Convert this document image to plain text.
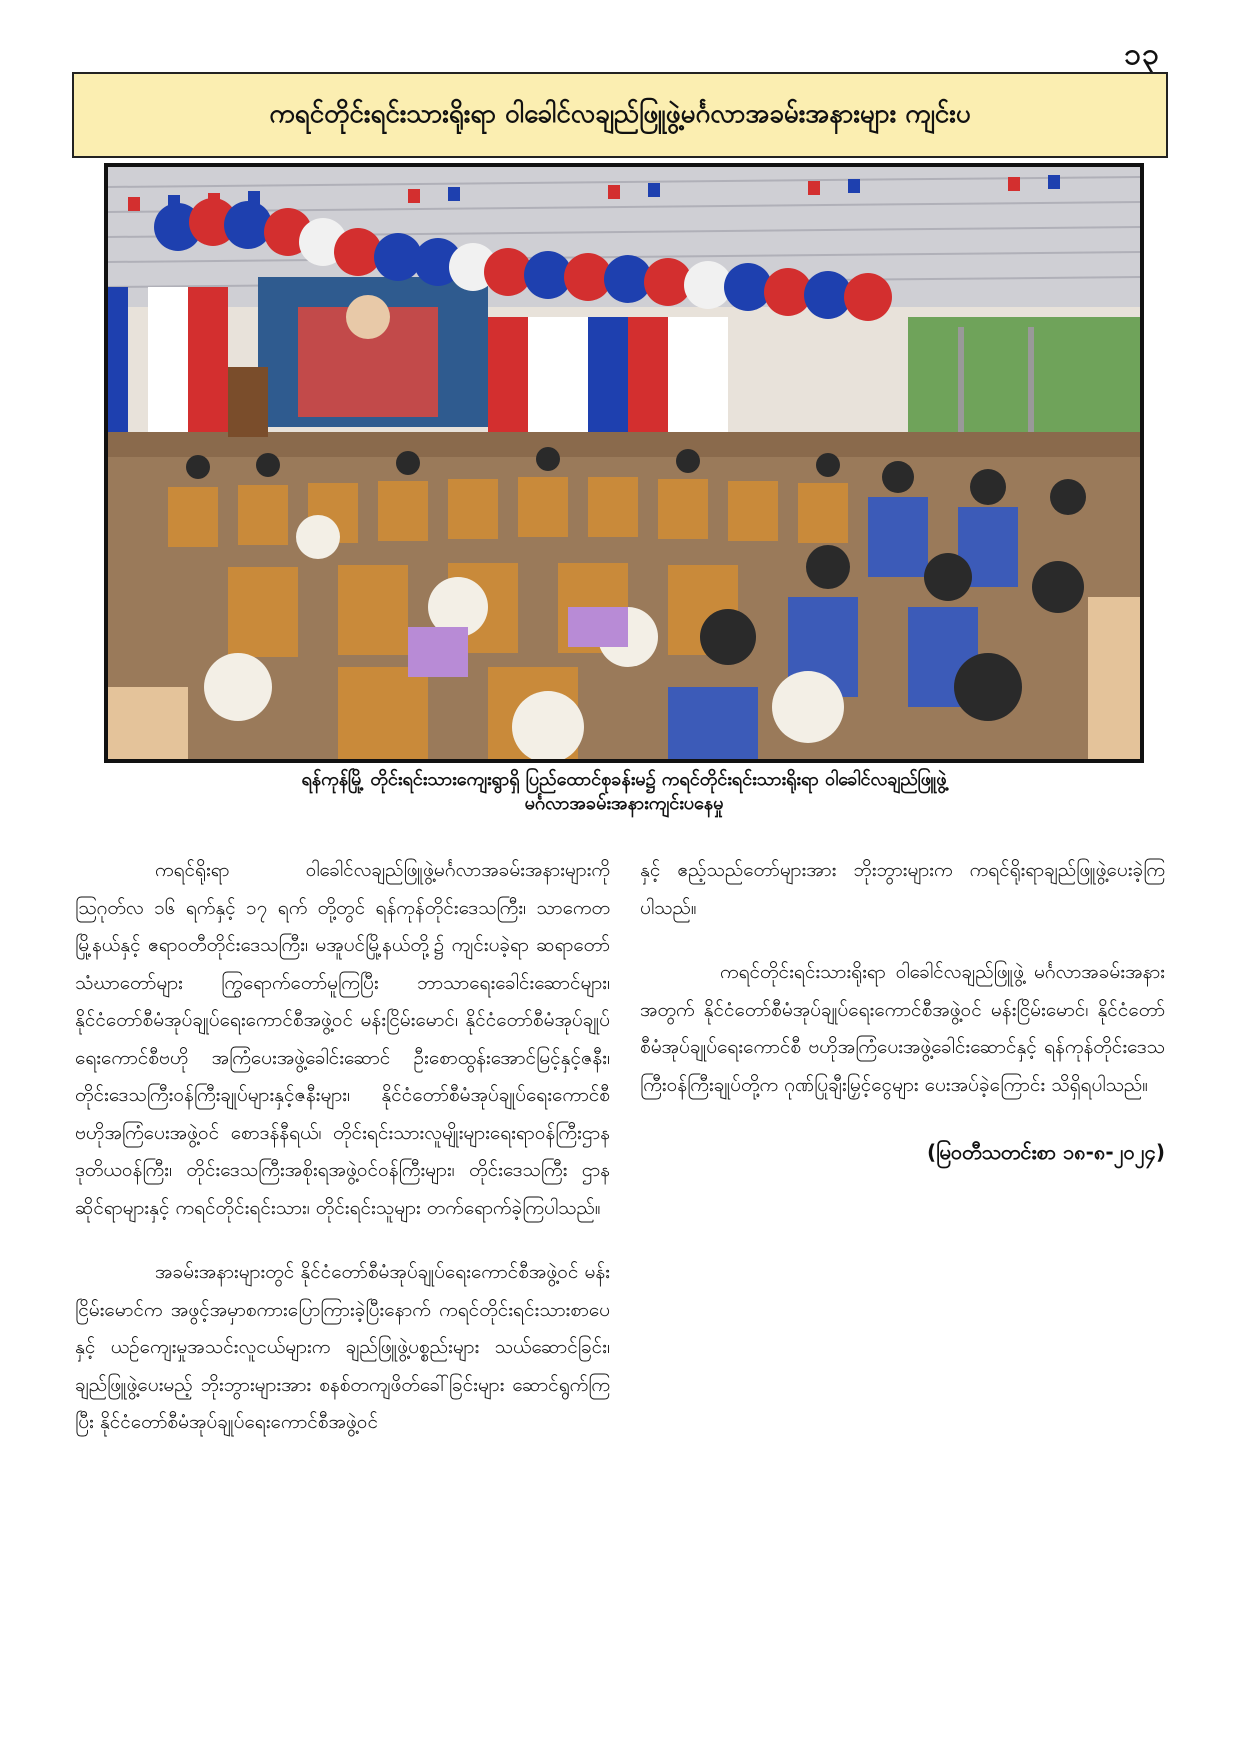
၁၃
ကရင်တိုင်းရင်းသားရိုးရာ ဝါခေါင်လချည်ဖြူဖွဲ့မင်္ဂလာအခမ်းအနားများ ကျင်းပ
ရန်ကုန်မြို့ တိုင်းရင်းသားကျေးရွာရှိ ပြည်ထောင်စုခန်းမ၌ ကရင်တိုင်းရင်းသားရိုးရာ ဝါခေါင်လချည်ဖြူဖွဲ့
မင်္ဂလာအခမ်းအနားကျင်းပနေမှု

ကရင်ရိုးရာ ဝါခေါင်လချည်ဖြူဖွဲ့မင်္ဂလာအခမ်းအနားများကို ဩဂုတ်လ ၁၆ ရက်နှင့် ၁၇ ရက် တို့တွင် ရန်ကုန်တိုင်းဒေသကြီး၊ သာကေတမြို့နယ်နှင့် ဧရာဝတီတိုင်းဒေသကြီး၊ မအူပင်မြို့နယ်တို့၌ ကျင်းပခဲ့ရာ ဆရာတော်သံဃာတော်များ ကြွရောက်တော်မူကြပြီး ဘာသာရေးခေါင်းဆောင်များ၊ နိုင်ငံတော်စီမံအုပ်ချုပ်ရေးကောင်စီအဖွဲ့ဝင် မန်းငြိမ်းမောင်၊ နိုင်ငံတော်စီမံအုပ်ချုပ်ရေးကောင်စီဗဟို အကြံပေးအဖွဲ့ခေါင်းဆောင် ဦးစောထွန်းအောင်မြင့်နှင့်ဇနီး၊ တိုင်းဒေသကြီးဝန်ကြီးချုပ်များနှင့်ဇနီးများ၊ နိုင်ငံတော်စီမံအုပ်ချုပ်ရေးကောင်စီဗဟိုအကြံပေးအဖွဲ့ဝင် စောဒန်နီရယ်၊ တိုင်းရင်းသားလူမျိုးများရေးရာဝန်ကြီးဌာန ဒုတိယဝန်ကြီး၊ တိုင်းဒေသကြီးအစိုးရအဖွဲ့ဝင်ဝန်ကြီးများ၊ တိုင်းဒေသကြီး ဌာနဆိုင်ရာများနှင့် ကရင်တိုင်းရင်းသား၊ တိုင်းရင်းသူများ တက်ရောက်ခဲ့ကြပါသည်။

အခမ်းအနားများတွင် နိုင်ငံတော်စီမံအုပ်ချုပ်ရေးကောင်စီအဖွဲ့ဝင် မန်းငြိမ်းမောင်က အဖွင့်အမှာစကားပြောကြားခဲ့ပြီးနောက် ကရင်တိုင်းရင်းသားစာပေနှင့် ယဉ်ကျေးမှုအသင်းလူငယ်များက ချည်ဖြူဖွဲ့ပစ္စည်းများ သယ်ဆောင်ခြင်း၊ ချည်ဖြူဖွဲ့ပေးမည့် ဘိုးဘွားများအား စနစ်တကျဖိတ်ခေါ်ခြင်းများ ဆောင်ရွက်ကြပြီး နိုင်ငံတော်စီမံအုပ်ချုပ်ရေးကောင်စီအဖွဲ့ဝင်

နှင့် ဧည့်သည်တော်များအား ဘိုးဘွားများက ကရင်ရိုးရာချည်ဖြူဖွဲ့ပေးခဲ့ကြပါသည်။

ကရင်တိုင်းရင်းသားရိုးရာ ဝါခေါင်လချည်ဖြူဖွဲ့ မင်္ဂလာအခမ်းအနားအတွက် နိုင်ငံတော်စီမံအုပ်ချုပ်ရေးကောင်စီအဖွဲ့ဝင် မန်းငြိမ်းမောင်၊ နိုင်ငံတော်စီမံအုပ်ချုပ်ရေးကောင်စီ ဗဟိုအကြံပေးအဖွဲ့ခေါင်းဆောင်နှင့် ရန်ကုန်တိုင်းဒေသကြီးဝန်ကြီးချုပ်တို့က ဂုဏ်ပြုချီးမြှင့်ငွေများ ပေးအပ်ခဲ့ကြောင်း သိရှိရပါသည်။

(မြဝတီသတင်းစာ ၁၈-၈-၂၀၂၄)
